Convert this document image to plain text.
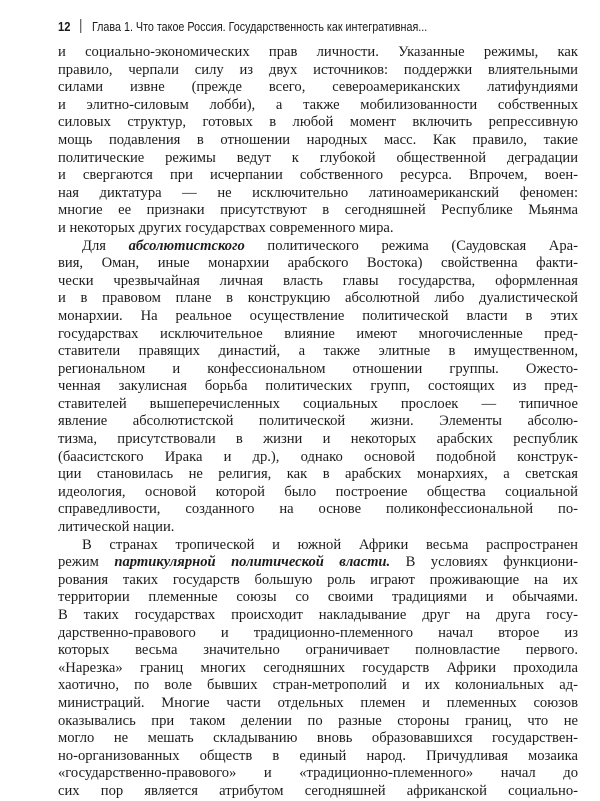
12 Глава 1. Что такое Россия. Государственность как интегративная...
и социально-экономических прав личности. Указанные режимы, как
правило, черпали силу из двух источников: поддержки влиятельными
силами извне (прежде всего, североамериканских латифундиями
и элитно-силовым лобби), а также мобилизованности собственных
силовых структур, готовых в любой момент включить репрессивную
мощь подавления в отношении народных масс. Как правило, такие
политические режимы ведут к глубокой общественной деградации
и свергаются при исчерпании собственного ресурса. Впрочем, воен-
ная диктатура — не исключительно латиноамериканский феномен:
многие ее признаки присутствуют в сегодняшней Республике Мьянма
и некоторых других государствах современного мира.
Для абсолютистского политического режима (Саудовская Ара-
вия, Оман, иные монархии арабского Востока) свойственна факти-
чески чрезвычайная личная власть главы государства, оформленная
и в правовом плане в конструкцию абсолютной либо дуалистической
монархии. На реальное осуществление политической власти в этих
государствах исключительное влияние имеют многочисленные пред-
ставители правящих династий, а также элитные в имущественном,
региональном и конфессиональном отношении группы. Ожесто-
ченная закулисная борьба политических групп, состоящих из пред-
ставителей вышеперечисленных социальных прослоек — типичное
явление абсолютистской политической жизни. Элементы абсолю-
тизма, присутствовали в жизни и некоторых арабских республик
(баасистского Ирака и др.), однако основой подобной конструк-
ции становилась не религия, как в арабских монархиях, а светская
идеология, основой которой было построение общества социальной
справедливости, созданного на основе поликонфессиональной по-
литической нации.
В странах тропической и южной Африки весьма распространен
режим партикулярной политической власти. В условиях функциони-
рования таких государств большую роль играют проживающие на их
территории племенные союзы со своими традициями и обычаями.
В таких государствах происходит накладывание друг на друга госу-
дарственно-правового и традиционно-племенного начал второе из
которых весьма значительно ограничивает полновластие первого.
«Нарезка» границ многих сегодняшних государств Африки проходила
хаотично, по воле бывших стран-метрополий и их колониальных ад-
министраций. Многие части отдельных племен и племенных союзов
оказывались при таком делении по разные стороны границ, что не
могло не мешать складыванию вновь образовавшихся государствен-
но-организованных обществ в единый народ. Причудливая мозаика
«государственно-правового» и «традиционно-племенного» начал до
сих пор является атрибутом сегодняшней африканской социально-
